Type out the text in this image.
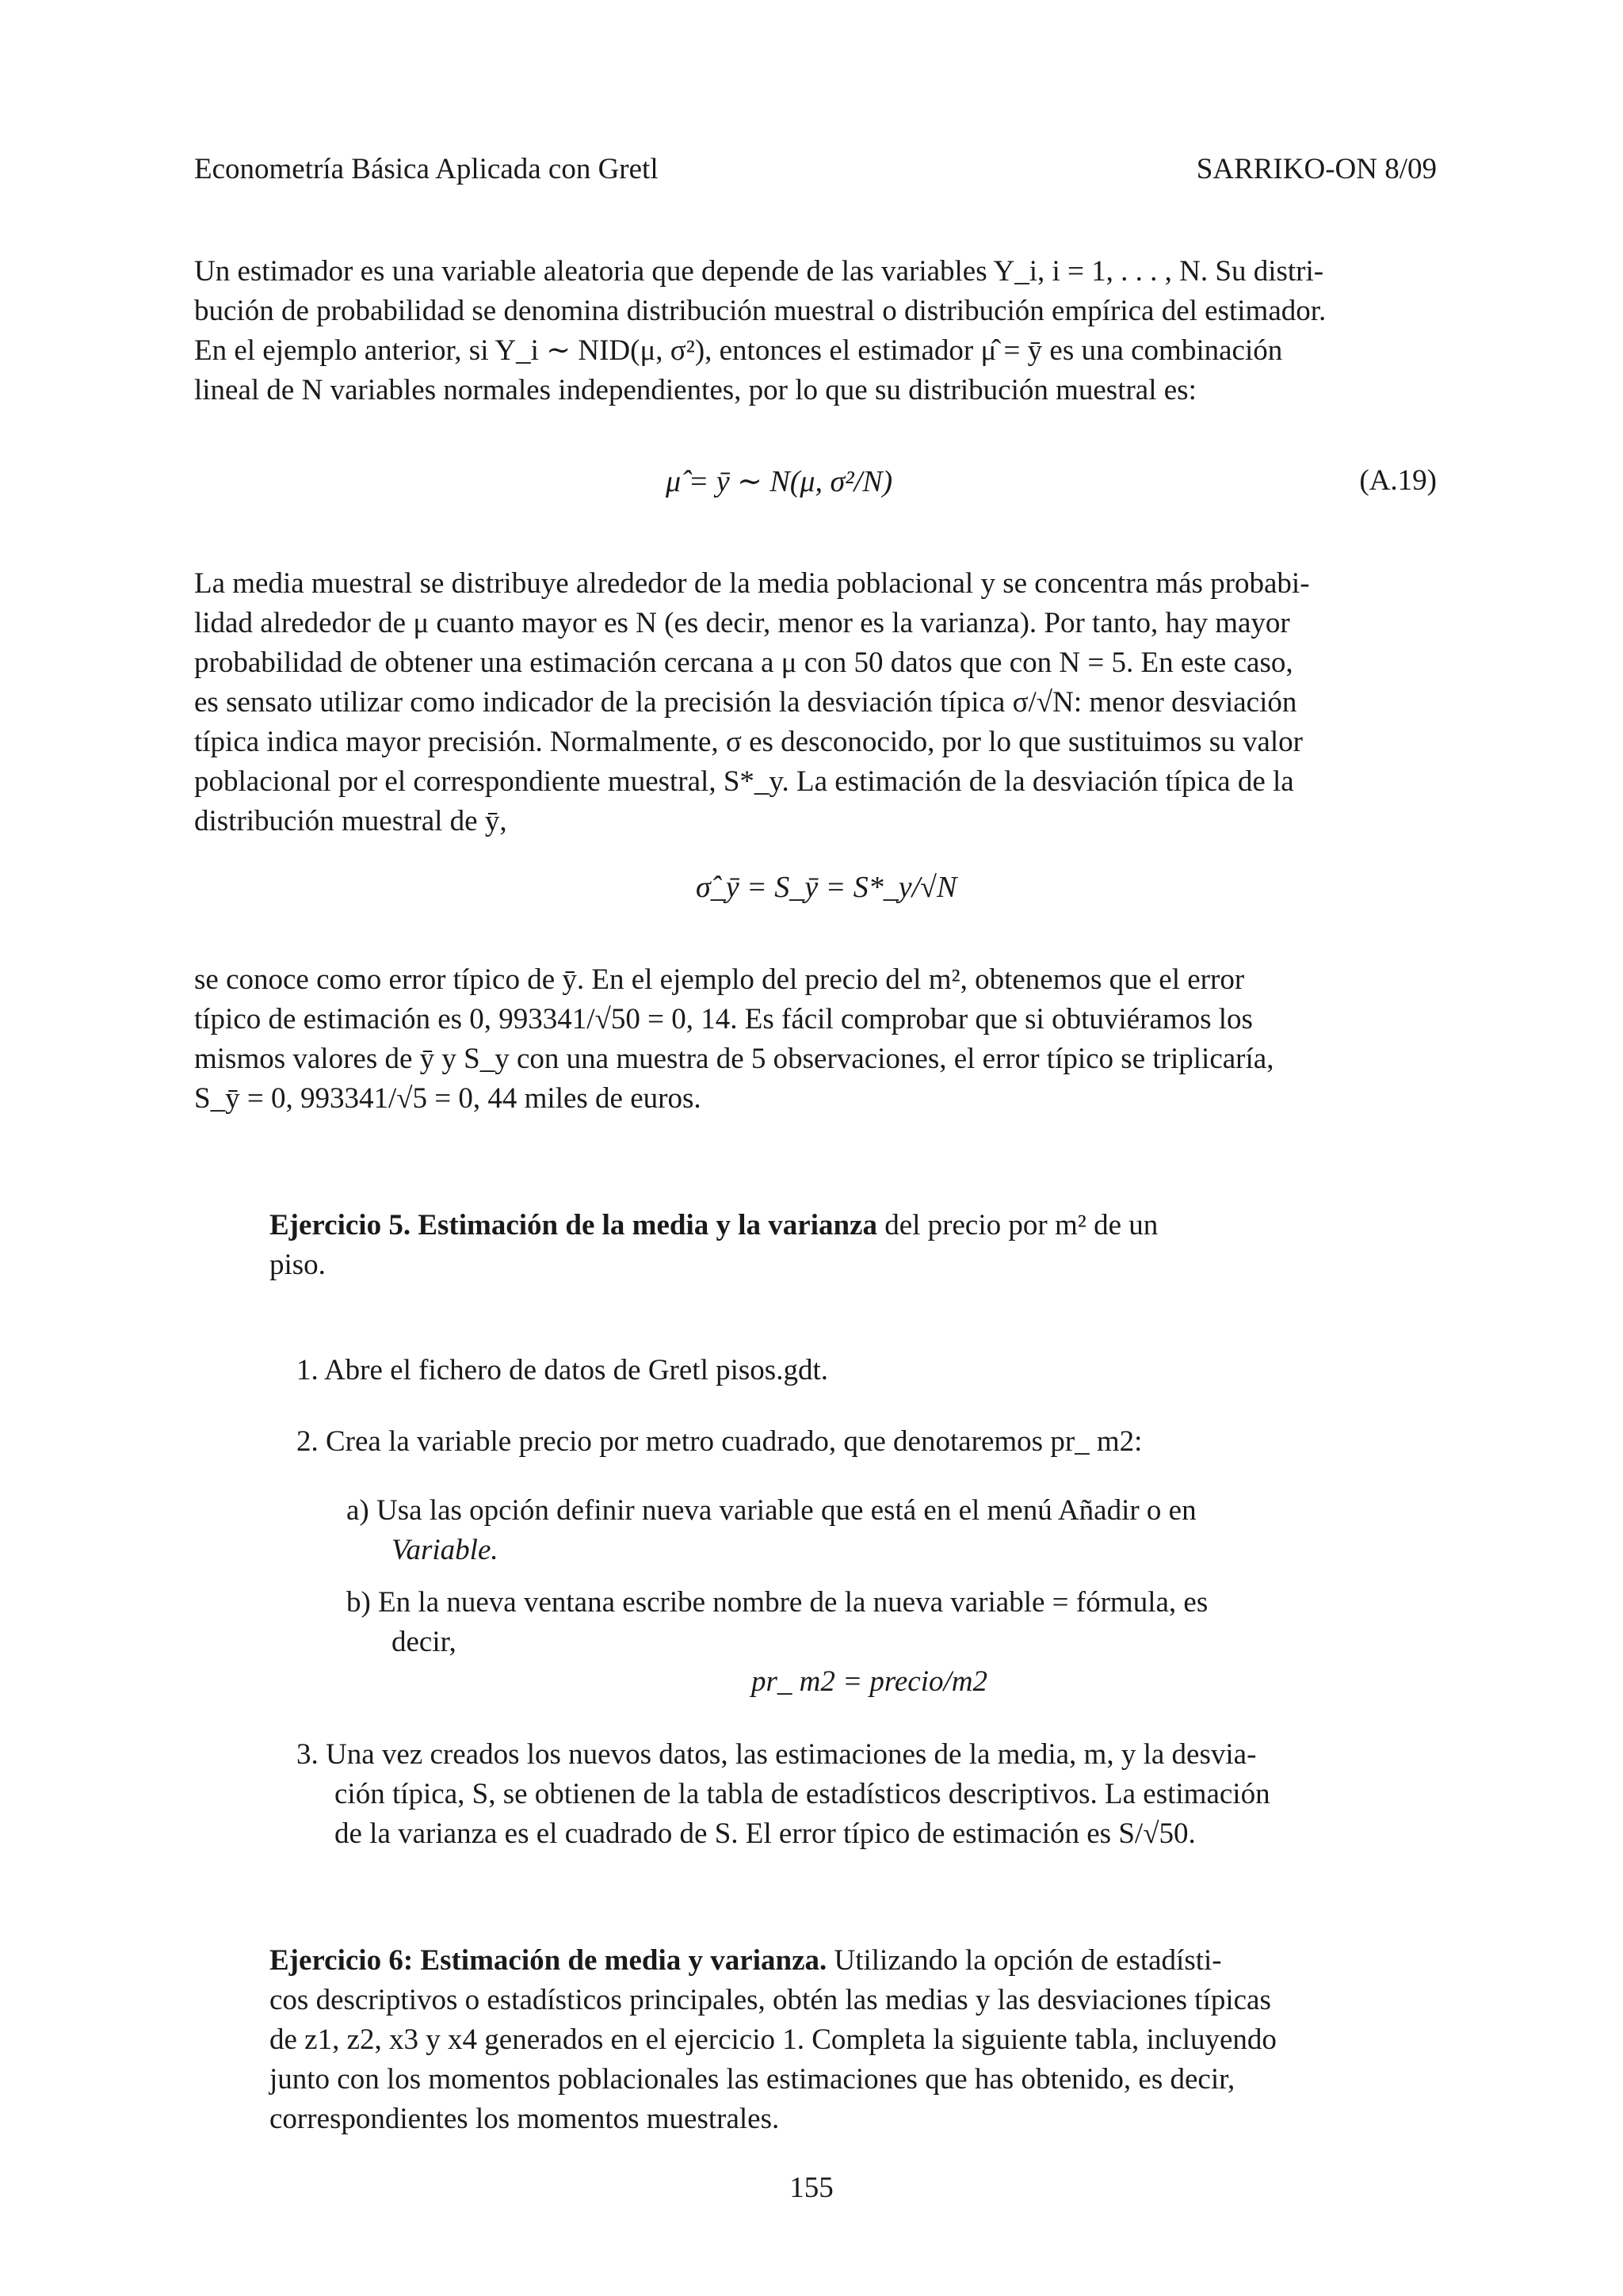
Econometría Básica Aplicada con Gretl	SARRIKO-ON 8/09
Un estimador es una variable aleatoria que depende de las variables Y_i, i = 1, . . . , N. Su distri-
bución de probabilidad se denomina distribución muestral o distribución empírica del estimador.
En el ejemplo anterior, si Y_i ∼ NID(μ, σ²), entonces el estimador μ̂ = ȳ es una combinación
lineal de N variables normales independientes, por lo que su distribución muestral es:
μ̂ = ȳ ∼ N(μ, σ²/N)	(A.19)
La media muestral se distribuye alrededor de la media poblacional y se concentra más probabi-
lidad alrededor de μ cuanto mayor es N (es decir, menor es la varianza). Por tanto, hay mayor
probabilidad de obtener una estimación cercana a μ con 50 datos que con N = 5. En este caso,
es sensato utilizar como indicador de la precisión la desviación típica σ/√N: menor desviación
típica indica mayor precisión. Normalmente, σ es desconocido, por lo que sustituimos su valor
poblacional por el correspondiente muestral, S*_y. La estimación de la desviación típica de la
distribución muestral de ȳ,
σ̂_ȳ = S_ȳ = S*_y/√N
se conoce como error típico de ȳ. En el ejemplo del precio del m², obtenemos que el error
típico de estimación es 0, 993341/√50 = 0, 14. Es fácil comprobar que si obtuviéramos los
mismos valores de ȳ y S_y con una muestra de 5 observaciones, el error típico se triplicaría,
S_ȳ = 0, 993341/√5 = 0, 44 miles de euros.
Ejercicio 5. Estimación de la media y la varianza del precio por m² de un
piso.
1. Abre el fichero de datos de Gretl pisos.gdt.
2. Crea la variable precio por metro cuadrado, que denotaremos pr_ m2:
a) Usa las opción definir nueva variable que está en el menú Añadir o en
Variable.
b) En la nueva ventana escribe nombre de la nueva variable = fórmula, es
decir,
pr_ m2 = precio/m2
3. Una vez creados los nuevos datos, las estimaciones de la media, m, y la desvia-
ción típica, S, se obtienen de la tabla de estadísticos descriptivos. La estimación
de la varianza es el cuadrado de S. El error típico de estimación es S/√50.
Ejercicio 6: Estimación de media y varianza. Utilizando la opción de estadísti-
cos descriptivos o estadísticos principales, obtén las medias y las desviaciones típicas
de z1, z2, x3 y x4 generados en el ejercicio 1. Completa la siguiente tabla, incluyendo
junto con los momentos poblacionales las estimaciones que has obtenido, es decir,
correspondientes los momentos muestrales.
155
